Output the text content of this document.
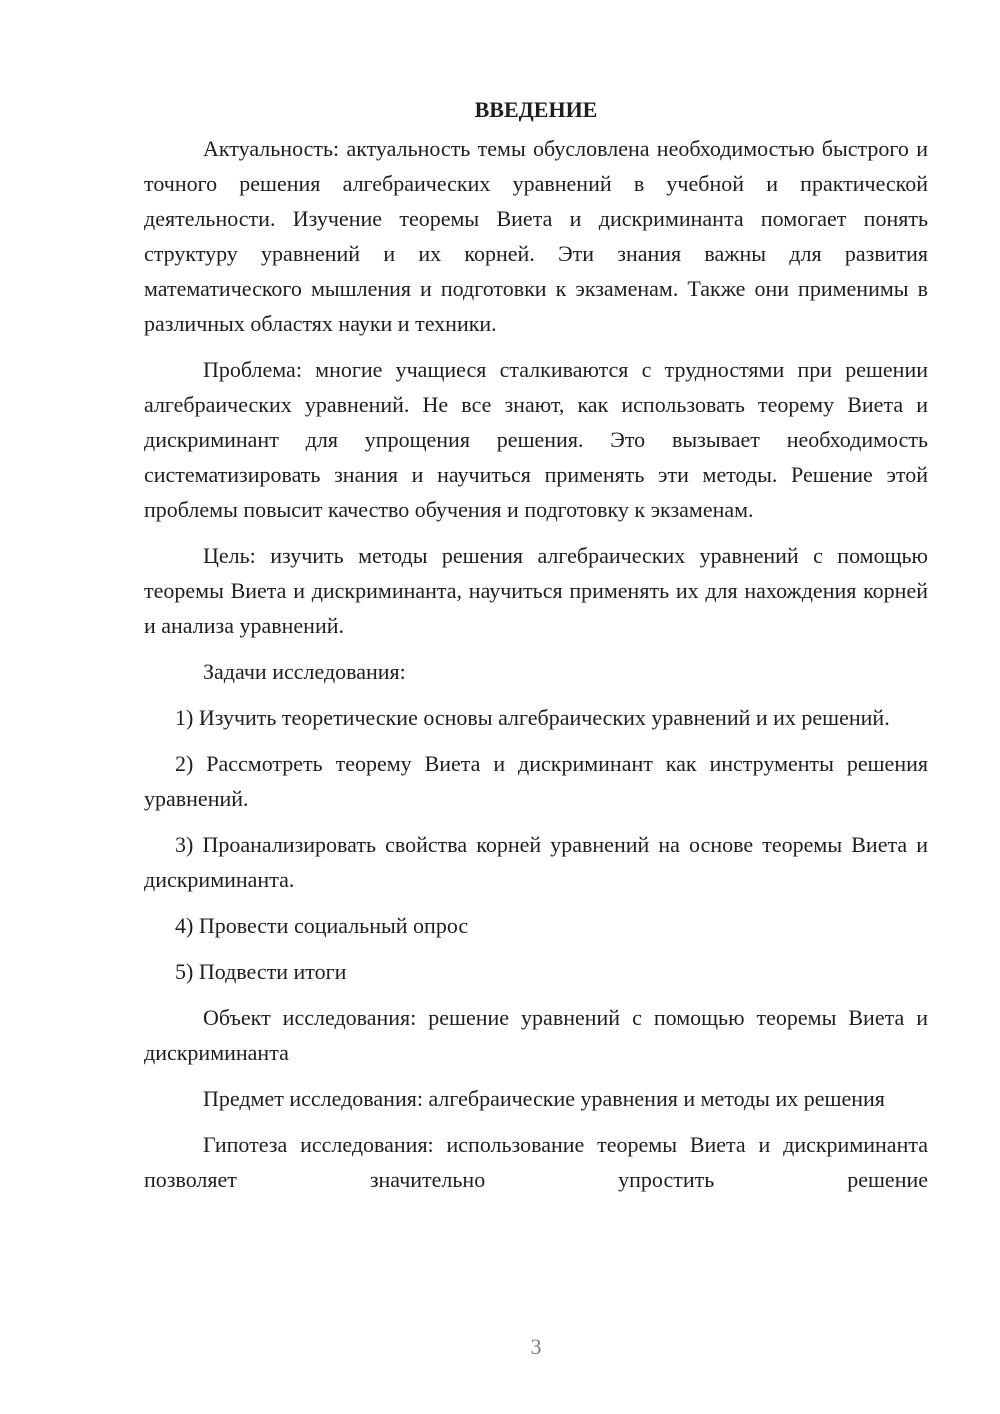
ВВЕДЕНИЕ

Актуальность: актуальность темы обусловлена необходимостью быстрого и точного решения алгебраических уравнений в учебной и практической деятельности. Изучение теоремы Виета и дискриминанта помогает понять структуру уравнений и их корней. Эти знания важны для развития математического мышления и подготовки к экзаменам. Также они применимы в различных областях науки и техники.

Проблема: многие учащиеся сталкиваются с трудностями при решении алгебраических уравнений. Не все знают, как использовать теорему Виета и дискриминант для упрощения решения. Это вызывает необходимость систематизировать знания и научиться применять эти методы. Решение этой проблемы повысит качество обучения и подготовку к экзаменам.

Цель: изучить методы решения алгебраических уравнений с помощью теоремы Виета и дискриминанта, научиться применять их для нахождения корней и анализа уравнений.

Задачи исследования:

1) Изучить теоретические основы алгебраических уравнений и их решений.

2) Рассмотреть теорему Виета и дискриминант как инструменты решения уравнений.

3) Проанализировать свойства корней уравнений на основе теоремы Виета и дискриминанта.

4) Провести социальный опрос

5) Подвести итоги

Объект исследования: решение уравнений с помощью теоремы Виета и дискриминанта

Предмет исследования: алгебраические уравнения и методы их решения

Гипотеза исследования: использование теоремы Виета и дискриминанта позволяет значительно упростить решение

3
